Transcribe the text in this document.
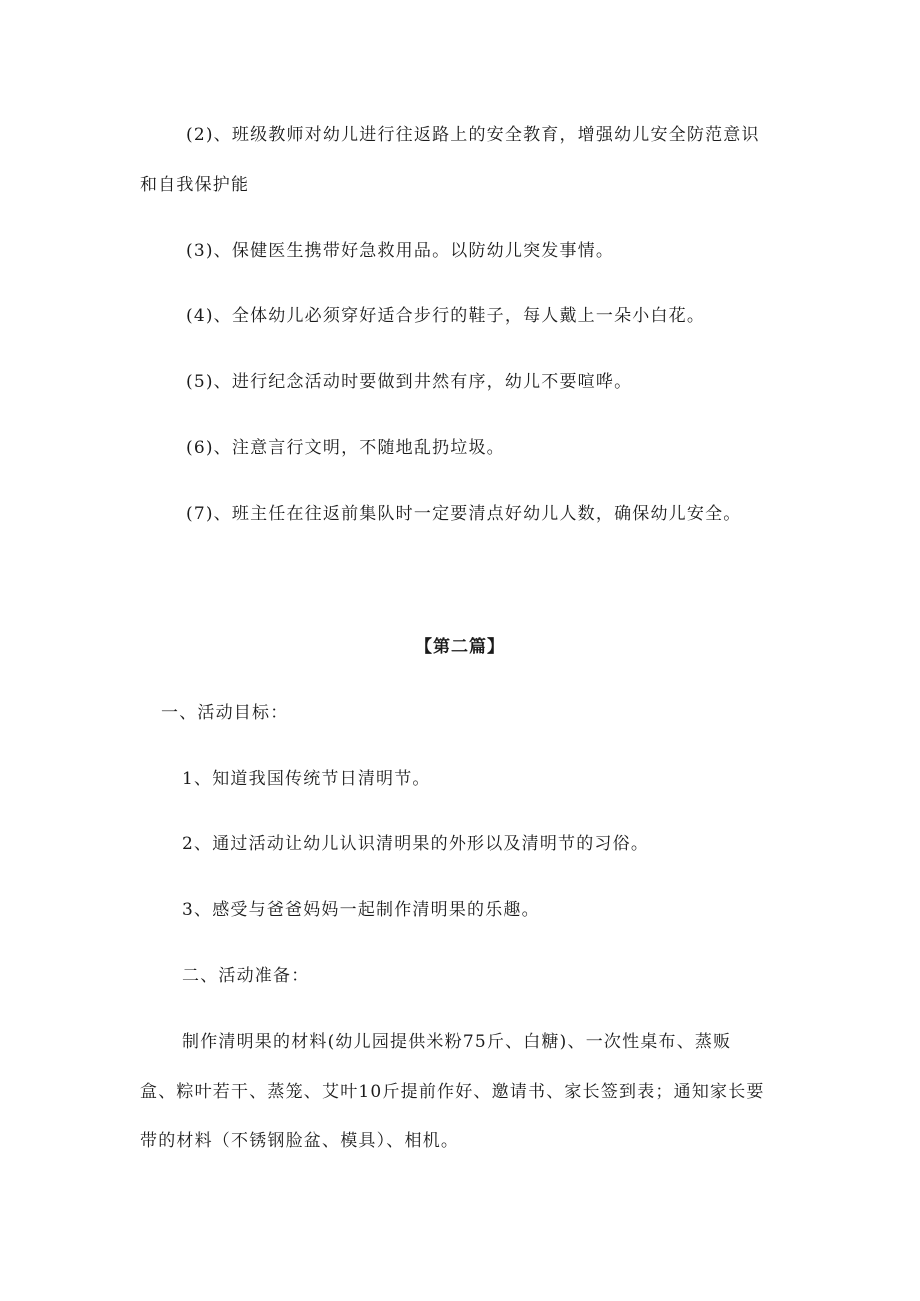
(2)、班级教师对幼儿进行往返路上的安全教育，增强幼儿安全防范意识
和自我保护能
(3)、保健医生携带好急救用品。以防幼儿突发事情。
(4)、全体幼儿必须穿好适合步行的鞋子，每人戴上一朵小白花。
(5)、进行纪念活动时要做到井然有序，幼儿不要喧哗。
(6)、注意言行文明，不随地乱扔垃圾。
(7)、班主任在往返前集队时一定要清点好幼儿人数，确保幼儿安全。
【第二篇】
一、活动目标：
1、知道我国传统节日清明节。
2、通过活动让幼儿认识清明果的外形以及清明节的习俗。
3、感受与爸爸妈妈一起制作清明果的乐趣。
二、活动准备：
制作清明果的材料(幼儿园提供米粉75斤、白糖)、一次性桌布、蒸贩
盒、粽叶若干、蒸笼、艾叶10斤提前作好、邀请书、家长签到表；通知家长要
带的材料（不锈钢脸盆、模具）、相机。
